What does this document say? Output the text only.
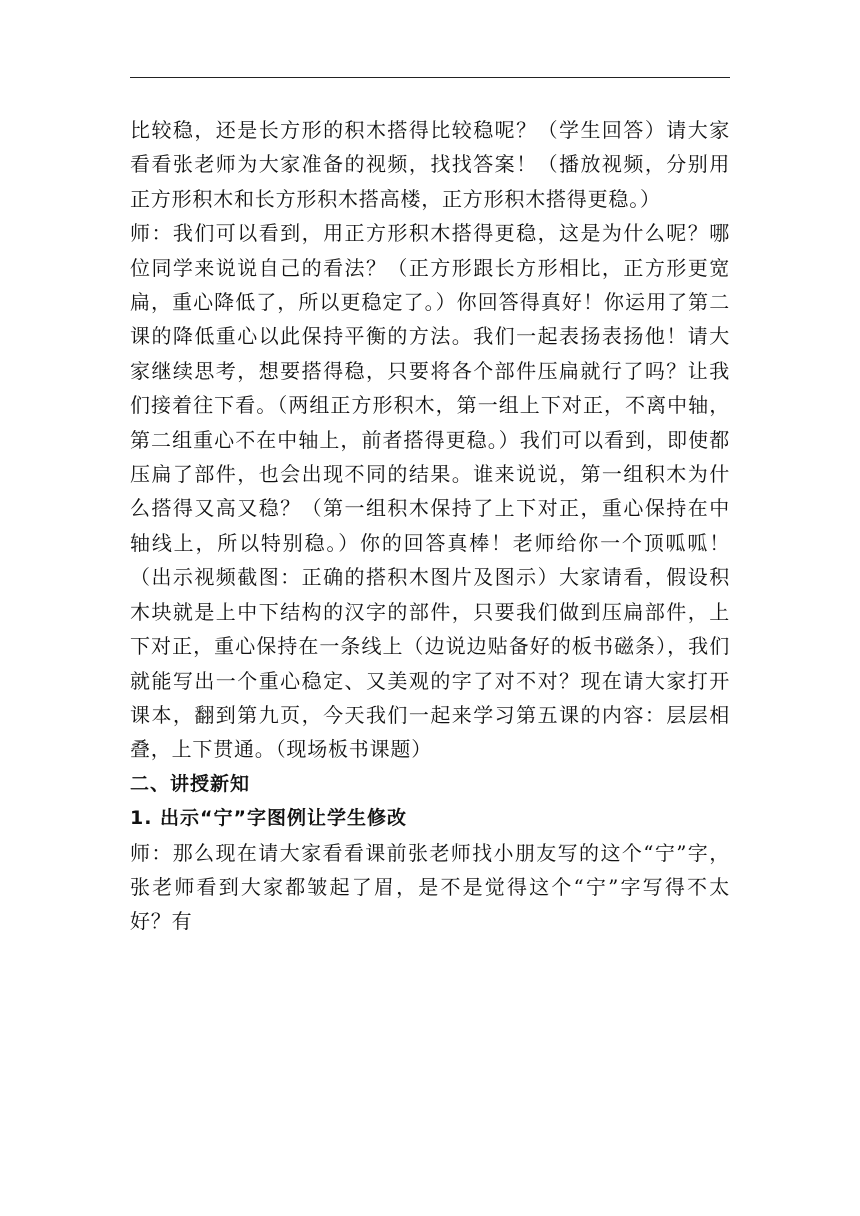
比较稳，还是长方形的积木搭得比较稳呢？（学生回答）请大家看看张老师为大家准备的视频，找找答案！（播放视频，分别用正方形积木和长方形积木搭高楼，正方形积木搭得更稳。）

师：我们可以看到，用正方形积木搭得更稳，这是为什么呢？哪位同学来说说自己的看法？（正方形跟长方形相比，正方形更宽扁，重心降低了，所以更稳定了。）你回答得真好！你运用了第二课的降低重心以此保持平衡的方法。我们一起表扬表扬他！请大家继续思考，想要搭得稳，只要将各个部件压扁就行了吗？让我们接着往下看。（两组正方形积木，第一组上下对正，不离中轴，第二组重心不在中轴上，前者搭得更稳。）我们可以看到，即使都压扁了部件，也会出现不同的结果。谁来说说，第一组积木为什么搭得又高又稳？（第一组积木保持了上下对正，重心保持在中轴线上，所以特别稳。）你的回答真棒！老师给你一个顶呱呱！（出示视频截图：正确的搭积木图片及图示）大家请看，假设积木块就是上中下结构的汉字的部件，只要我们做到压扁部件，上下对正，重心保持在一条线上（边说边贴备好的板书磁条），我们就能写出一个重心稳定、又美观的字了对不对？现在请大家打开课本，翻到第九页，今天我们一起来学习第五课的内容：层层相叠，上下贯通。（现场板书课题）

二、讲授新知

1. 出示“宁”字图例让学生修改

师：那么现在请大家看看课前张老师找小朋友写的这个“宁”字，张老师看到大家都皱起了眉，是不是觉得这个“宁”字写得不太好？有
